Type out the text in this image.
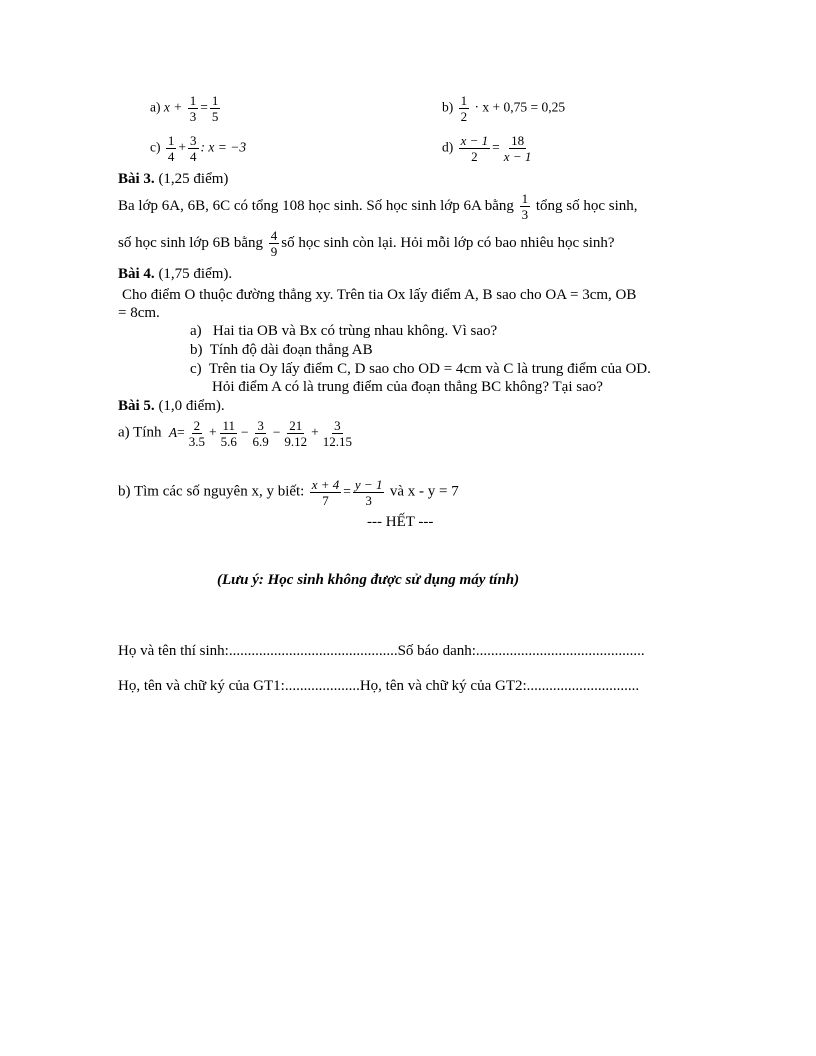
a) $x + \frac{1}{3} = \frac{1}{5}$	$b) \frac{1}{2} \cdot x + 0,75 = 0,25$
$c) \frac{1}{4} + \frac{3}{4}$ : x = −3	$d) \frac{x - 1}{2} = \frac{18}{x - 1}$
Bài 3. (1,25 điểm)
Ba lớp 6A, 6B, 6C có tổng 108 học sinh. Số học sinh lớp 6A bằng $\frac{1}{3}$ tổng số học sinh,
số học sinh lớp 6B bằng $\frac{4}{9}$ số học sinh còn lại. Hỏi mỗi lớp có bao nhiêu học sinh?
Bài 4. (1,75 điểm).
Cho điểm O thuộc đường thẳng xy. Trên tia Ox lấy điểm A, B sao cho OA = 3cm, OB
= 8cm.
a) Hai tia OB và Bx có trùng nhau không. Vì sao?
b) Tính độ dài đoạn thẳng AB
c) Trên tia Oy lấy điểm C, D sao cho OD = 4cm và C là trung điểm của OD.
Hỏi điểm A có là trung điểm của đoạn thẳng BC không? Tại sao?
Bài 5. (1,0 điểm).
a) Tính $A= \frac{2}{3.5} + \frac{11}{5.6} - \frac{3}{6.9} - \frac{21}{9.12} + \frac{3}{12.15}$
b) Tìm các số nguyên x, y biết: $\frac{x + 4}{7} = \frac{y - 1}{3}$ và x - y = 7
--- HẾT ---
(Lưu ý: Học sinh không được sử dụng máy tính)
Họ và tên thí sinh:.............................................Số báo danh:.............................................
Họ, tên và chữ ký của GT1:....................Họ, tên và chữ ký của GT2:..............................
